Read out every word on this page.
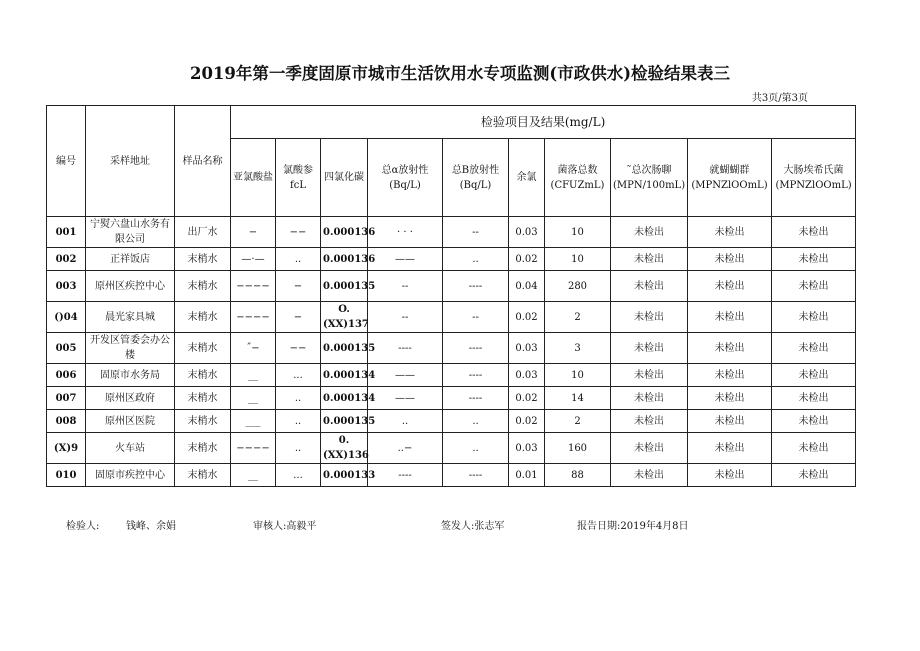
2019年第一季度固原市城市生活饮用水专项监测(市政供水)检验结果表三
共3页/第3页
编号	采样地址	样品名称	检验项目及结果(mg/L)									
			亚氯酸盐	氯酸参fcL	四氯化碳	总α放射性(Bq/L)	总B放射性(Bq/L)	余氯	菌落总数(CFUZmL)	˜总次肠聊(MPN/100mL)	就蝴蝴群(MPNZlOOmL)	大肠埃希氏菌(MPNZlOOmL)
001	宁熨六盘山水务有限公司	出厂水	−	−−	0.000136	· · ·	--	0.03	10	未检出	未检出	未检出
002	正祥饭店	末梢水	—·—	..	0.000136	——	..	0.02	10	未检出	未检出	未检出
003	原州区疾控中心	末梢水	−−−−	−	0.000135	--	----	0.04	280	未检出	未检出	未检出
()04	晨光家具城	末梢水	−−−−	−	O.(XX)137	--	--	0.02	2	未检出	未检出	未检出
005	开发区管委会办公楼	末梢水	˝−	−−	0.000135	----	----	0.03	3	未检出	未检出	未检出
006	固原市水务局	末梢水	__	...	0.000134	——	----	0.03	10	未检出	未检出	未检出
007	原州区政府	末梢水	__	..	0.000134	——	----	0.02	14	未检出	未检出	未检出
008	原州区医院	末梢水	___	..	0.000135	..	..	0.02	2	未检出	未检出	未检出
(X)9	火车站	末梢水	−−−−	..	0.(XX)136	..−	..	0.03	160	未检出	未检出	未检出
010	固原市疾控中心	末梢水	__	...	0.000133	----	----	0.01	88	未检出	未检出	未检出
检验人:	钱峰、余娟	审核人:高毅平	签发人:张志军	报告日期:2019年4月8日
